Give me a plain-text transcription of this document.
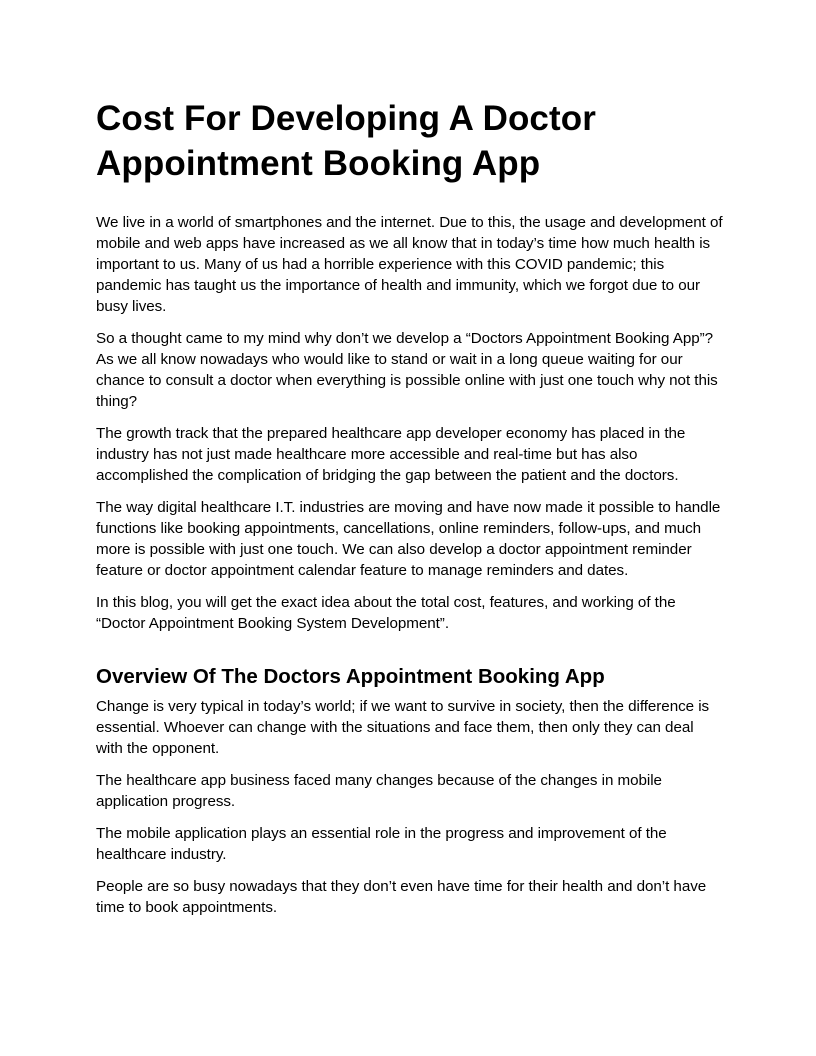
Cost For Developing A Doctor Appointment Booking App

We live in a world of smartphones and the internet. Due to this, the usage and development of mobile and web apps have increased as we all know that in today’s time how much health is important to us. Many of us had a horrible experience with this COVID pandemic; this pandemic has taught us the importance of health and immunity, which we forgot due to our busy lives.

So a thought came to my mind why don’t we develop a “Doctors Appointment Booking App”? As we all know nowadays who would like to stand or wait in a long queue waiting for our chance to consult a doctor when everything is possible online with just one touch why not this thing?

The growth track that the prepared healthcare app developer economy has placed in the industry has not just made healthcare more accessible and real-time but has also accomplished the complication of bridging the gap between the patient and the doctors.

The way digital healthcare I.T. industries are moving and have now made it possible to handle functions like booking appointments, cancellations, online reminders, follow-ups, and much more is possible with just one touch. We can also develop a doctor appointment reminder feature or doctor appointment calendar feature to manage reminders and dates.

In this blog, you will get the exact idea about the total cost, features, and working of the “Doctor Appointment Booking System Development”.

Overview Of The Doctors Appointment Booking App

Change is very typical in today’s world; if we want to survive in society, then the difference is essential. Whoever can change with the situations and face them, then only they can deal with the opponent.

The healthcare app business faced many changes because of the changes in mobile application progress.

The mobile application plays an essential role in the progress and improvement of the healthcare industry.

People are so busy nowadays that they don’t even have time for their health and don’t have time to book appointments.
